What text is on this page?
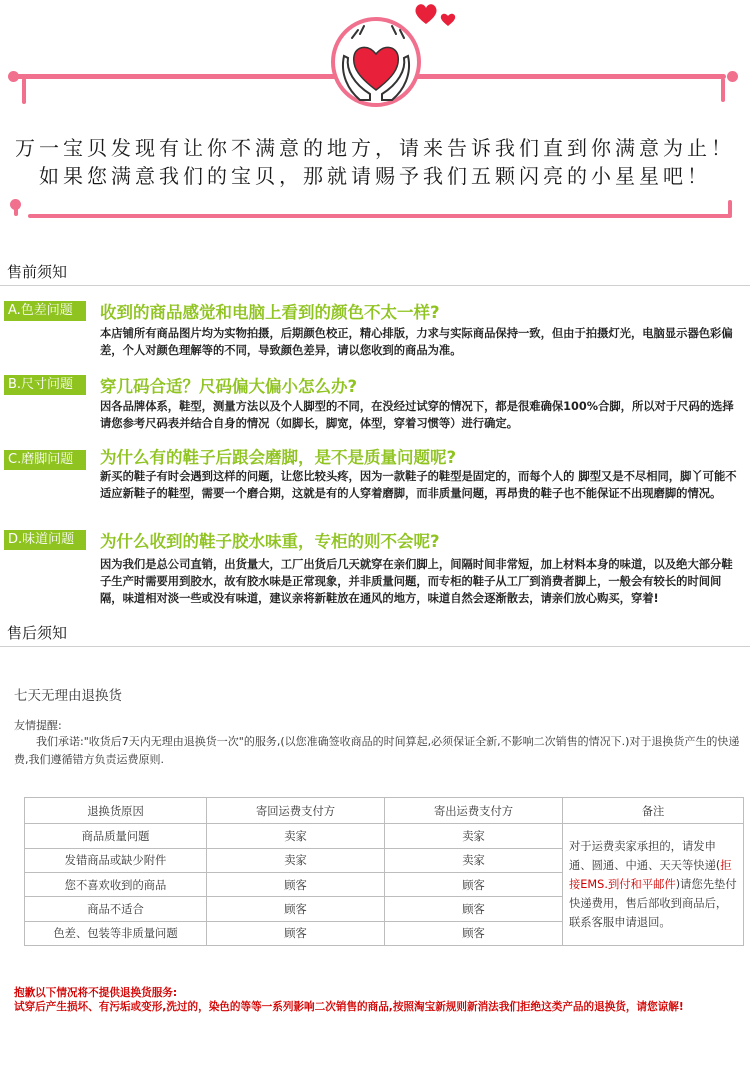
万一宝贝发现有让你不满意的地方，请来告诉我们直到你满意为止！
如果您满意我们的宝贝，那就请赐予我们五颗闪亮的小星星吧！
售前须知
A.色差问题	收到的商品感觉和电脑上看到的颜色不太一样?
本店铺所有商品图片均为实物拍摄，后期颜色校正，精心排版，力求与实际商品保持一致，但由于拍摄灯光，电脑显示器色彩偏差，个人对颜色理解等的不同，导致颜色差异，请以您收到的商品为准。
B.尺寸问题	穿几码合适？尺码偏大偏小怎么办?
因各品牌体系，鞋型，测量方法以及个人脚型的不同，在没经过试穿的情况下，都是很难确保100%合脚，所以对于尺码的选择请您参考尺码表并结合自身的情况（如脚长，脚宽，体型，穿着习惯等）进行确定。
C.磨脚问题	为什么有的鞋子后跟会磨脚，是不是质量问题呢?
新买的鞋子有时会遇到这样的问题，让您比较头疼，因为一款鞋子的鞋型是固定的，而每个人的 脚型又是不尽相同，脚丫可能不适应新鞋子的鞋型，需要一个磨合期，这就是有的人穿着磨脚，而非质量问题，再昂贵的鞋子也不能保证不出现磨脚的情况。
D.味道问题	为什么收到的鞋子胶水味重，专柜的则不会呢?
因为我们是总公司直销，出货量大，工厂出货后几天就穿在亲们脚上，间隔时间非常短，加上材料本身的味道，以及绝大部分鞋子生产时需要用到胶水，故有胶水味是正常现象，并非质量问题，而专柜的鞋子从工厂到消费者脚上，一般会有较长的时间间隔，味道相对淡一些或没有味道，建议亲将新鞋放在通风的地方，味道自然会逐渐散去，请亲们放心购买，穿着!
售后须知
七天无理由退换货
友情提醒:
我们承诺:"收货后7天内无理由退换货一次"的服务,(以您准确签收商品的时间算起,必须保证全新,不影响二次销售的情况下.)对于退换货产生的快递费,我们遵循错方负责运费原则.
退换货原因	寄回运费支付方	寄出运费支付方	备注
商品质量问题	卖家	卖家	对于运费卖家承担的，请发申通、圆通、中通、天天等快递(拒接EMS.到付和平邮件)请您先垫付快递费用，售后部收到商品后，联系客服申请退回。
发错商品或缺少附件	卖家	卖家	
您不喜欢收到的商品	顾客	顾客	
商品不适合	顾客	顾客	
色差、包装等非质量问题	顾客	顾客	
抱歉以下情况将不提供退换货服务:
试穿后产生损坏、有污垢或变形,洗过的，染色的等等一系列影响二次销售的商品,按照淘宝新规则新消法我们拒绝这类产品的退换货，请您谅解!
